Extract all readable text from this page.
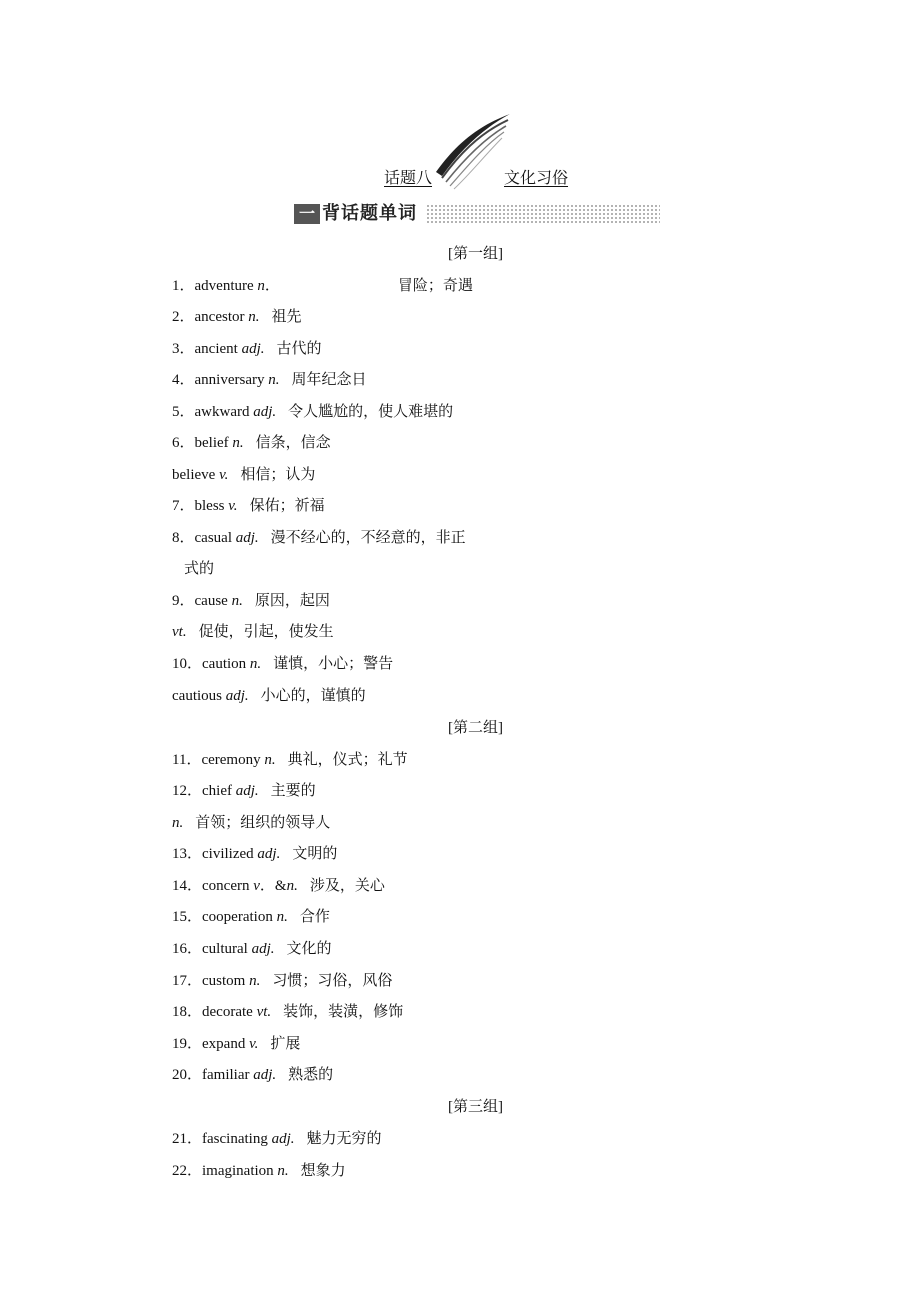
话题八	文化习俗
一 背话题单词
[第一组]
[第二组]
[第三组]
1．adventure n．	冒险；奇遇
2．ancestor n. 祖先
3．ancient adj. 古代的
4．anniversary n. 周年纪念日
5．awkward adj. 令人尴尬的，使人难堪的
6．belief n. 信条，信念
believe v. 相信；认为
7．bless v. 保佑；祈福
8．casual adj. 漫不经心的，不经意的，非正
式的
9．cause n. 原因，起因
vt. 促使，引起，使发生
10．caution n. 谨慎，小心；警告
cautious adj. 小心的，谨慎的
11．ceremony n. 典礼，仪式；礼节
12．chief adj. 主要的
n. 首领；组织的领导人
13．civilized adj. 文明的
14．concern v．&n. 涉及，关心
15．cooperation n. 合作
16．cultural adj. 文化的
17．custom n. 习惯；习俗，风俗
18．decorate vt. 装饰，装潢，修饰
19．expand v. 扩展
20．familiar adj. 熟悉的
21．fascinating adj. 魅力无穷的
22．imagination n. 想象力
